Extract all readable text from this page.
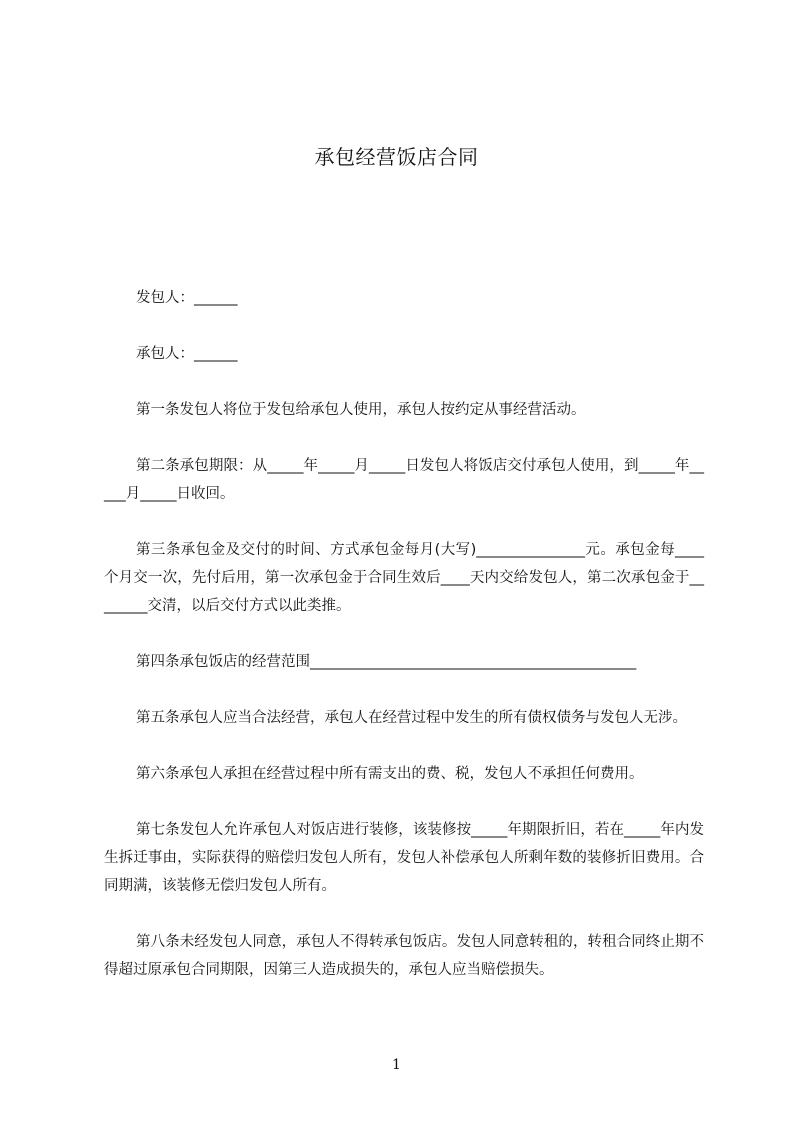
承包经营饭店合同

发包人：______

承包人：______

第一条发包人将位于发包给承包人使用，承包人按约定从事经营活动。

第二条承包期限：从_____年_____月_____日发包人将饭店交付承包人使用，到_____年_____月_____日收回。

第三条承包金及交付的时间、方式承包金每月(大写)_______________元。承包金每____个月交一次，先付后用，第一次承包金于合同生效后____天内交给发包人，第二次承包金于________交清，以后交付方式以此类推。

第四条承包饭店的经营范围_____________________________________________

第五条承包人应当合法经营，承包人在经营过程中发生的所有债权债务与发包人无涉。

第六条承包人承担在经营过程中所有需支出的费、税，发包人不承担任何费用。

第七条发包人允许承包人对饭店进行装修，该装修按_____年期限折旧，若在_____年内发生拆迁事由，实际获得的赔偿归发包人所有，发包人补偿承包人所剩年数的装修折旧费用。合同期满，该装修无偿归发包人所有。

第八条未经发包人同意，承包人不得转承包饭店。发包人同意转租的，转租合同终止期不得超过原承包合同期限，因第三人造成损失的，承包人应当赔偿损失。

1
